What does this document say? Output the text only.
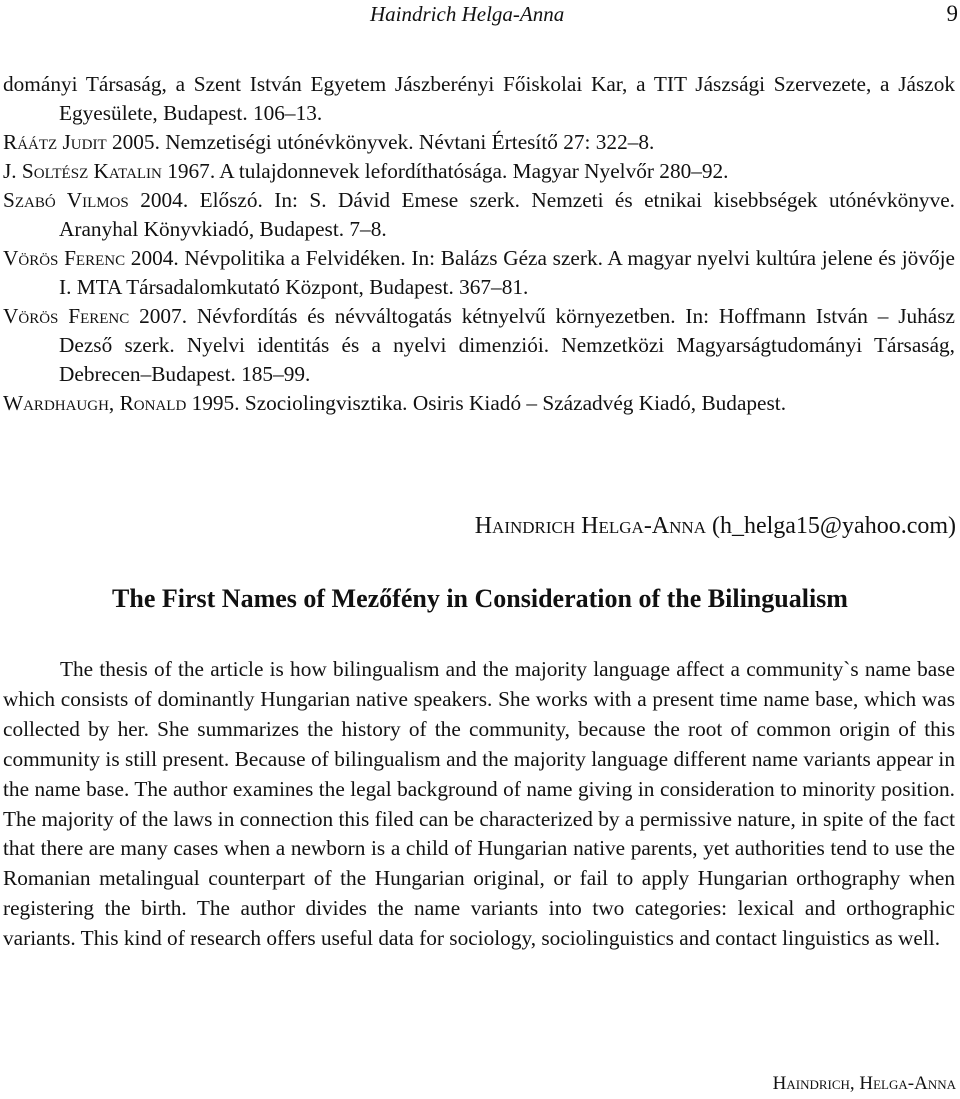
Haindrich Helga-Anna	9
dományi Társaság, a Szent István Egyetem Jászberényi Főiskolai Kar, a TIT Jászsági Szervezete, a Jászok Egyesülete, Budapest. 106–13.
Ráátz Judit 2005. Nemzetiségi utónévkönyvek. Névtani Értesítő 27: 322–8.
J. Soltész Katalin 1967. A tulajdonnevek lefordíthatósága. Magyar Nyelvőr 280–92.
Szabó Vilmos 2004. Előszó. In: S. Dávid Emese szerk. Nemzeti és etnikai kisebbségek utónévkönyve. Aranyhal Könyvkiadó, Budapest. 7–8.
Vörös Ferenc 2004. Névpolitika a Felvidéken. In: Balázs Géza szerk. A magyar nyelvi kultúra jelene és jövője I. MTA Társadalomkutató Központ, Budapest. 367–81.
Vörös Ferenc 2007. Névfordítás és névváltogatás kétnyelvű környezetben. In: Hoffmann István – Juhász Dezső szerk. Nyelvi identitás és a nyelvi dimenziói. Nemzetközi Magyarságtudományi Társaság, Debrecen–Budapest. 185–99.
Wardhaugh, Ronald 1995. Szociolingvisztika. Osiris Kiadó – Századvég Kiadó, Budapest.
Haindrich Helga-Anna (h_helga15@yahoo.com)
The First Names of Mezőfény in Consideration of the Bilingualism

The thesis of the article is how bilingualism and the majority language affect a community`s name base which consists of dominantly Hungarian native speakers. She works with a present time name base, which was collected by her. She summarizes the history of the community, because the root of common origin of this community is still present. Because of bilingualism and the majority language different name variants appear in the name base. The author examines the legal background of name giving in consideration to minority position. The majority of the laws in connection this filed can be characterized by a permissive nature, in spite of the fact that there are many cases when a newborn is a child of Hungarian native parents, yet authorities tend to use the Romanian metalingual counterpart of the Hungarian original, or fail to apply Hungarian orthography when registering the birth. The author divides the name variants into two categories: lexical and orthographic variants. This kind of research offers useful data for sociology, sociolinguistics and contact linguistics as well.

Haindrich, Helga-Anna
